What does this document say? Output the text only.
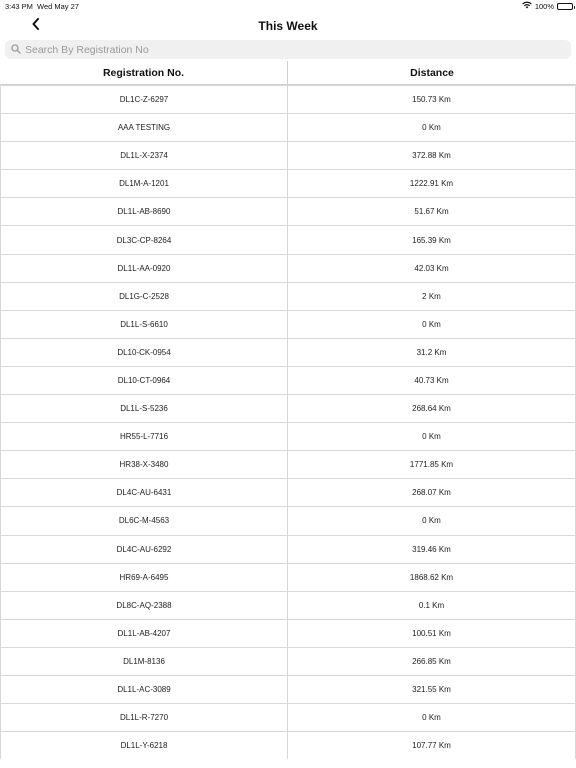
3:43 PM Wed May 27	100%
This Week
Search By Registration No
Registration No.	Distance
DL1C-Z-6297	150.73 Km
AAA TESTING	0 Km
DL1L-X-2374	372.88 Km
DL1M-A-1201	1222.91 Km
DL1L-AB-8690	51.67 Km
DL3C-CP-8264	165.39 Km
DL1L-AA-0920	42.03 Km
DL1G-C-2528	2 Km
DL1L-S-6610	0 Km
DL10-CK-0954	31.2 Km
DL10-CT-0964	40.73 Km
DL1L-S-5236	268.64 Km
HR55-L-7716	0 Km
HR38-X-3480	1771.85 Km
DL4C-AU-6431	268.07 Km
DL6C-M-4563	0 Km
DL4C-AU-6292	319.46 Km
HR69-A-6495	1868.62 Km
DL8C-AQ-2388	0.1 Km
DL1L-AB-4207	100.51 Km
DL1M-8136	266.85 Km
DL1L-AC-3089	321.55 Km
DL1L-R-7270	0 Km
DL1L-Y-6218	107.77 Km
